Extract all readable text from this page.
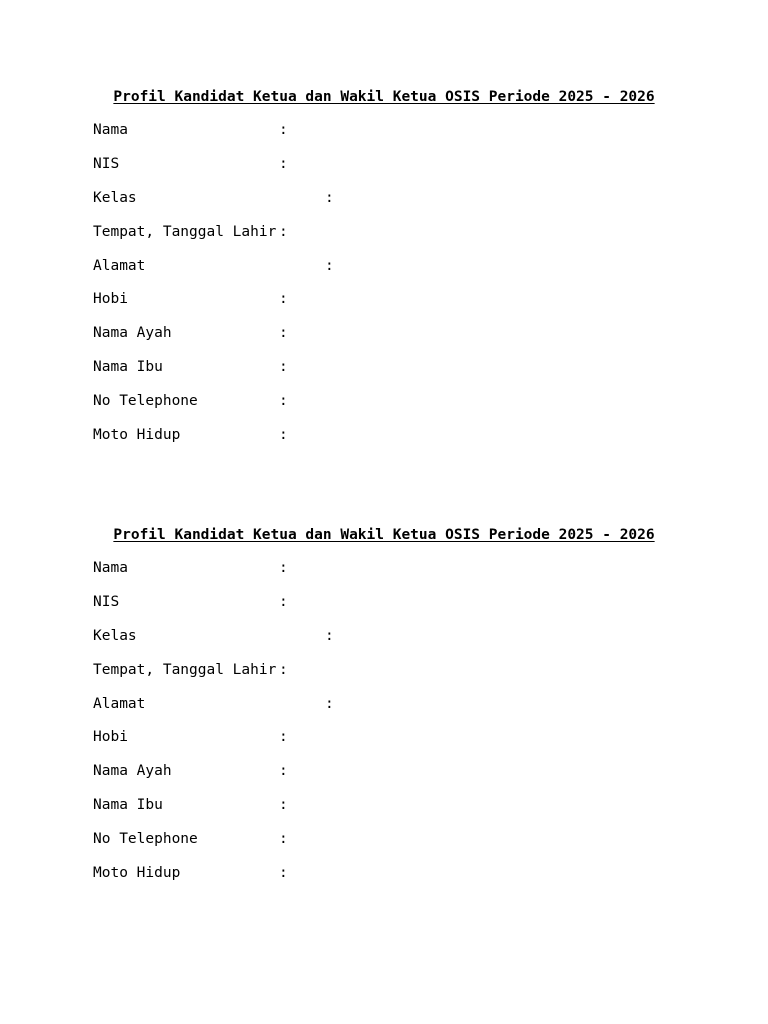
Profil Kandidat Ketua dan Wakil Ketua OSIS Periode 2025 - 2026
Nama	:
NIS	:
Kelas	:
Tempat, Tanggal Lahir :
Alamat	:
Hobi	:
Nama Ayah	:
Nama Ibu	:
No Telephone	:
Moto Hidup	:
Profil Kandidat Ketua dan Wakil Ketua OSIS Periode 2025 - 2026
Nama	:
NIS	:
Kelas	:
Tempat, Tanggal Lahir :
Alamat	:
Hobi	:
Nama Ayah	:
Nama Ibu	:
No Telephone	:
Moto Hidup	:
